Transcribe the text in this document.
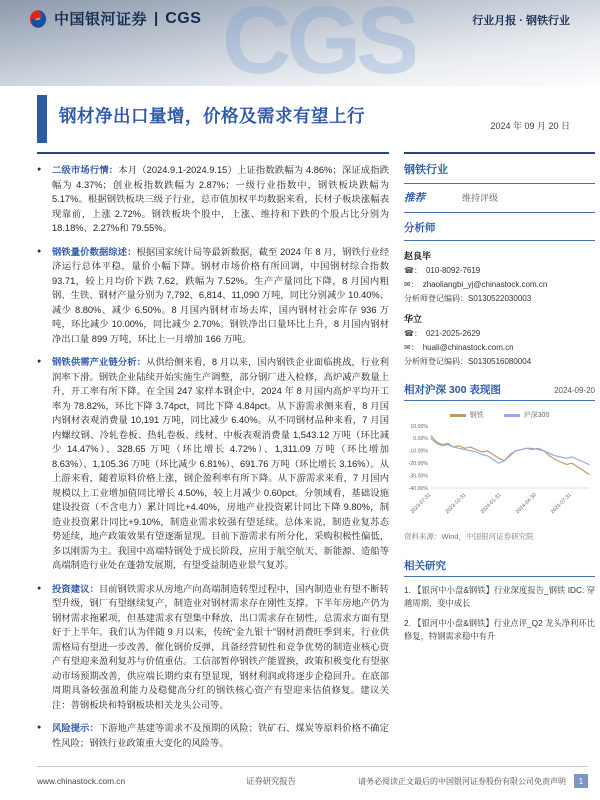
CGS
中国银河证券 | CGS	行业月报 · 钢铁行业
钢材净出口量增，价格及需求有望上行	2024 年 09 月 20 日
●	二级市场行情：本月（2024.9.1-2024.9.15）上证指数跌幅为 4.86%；深证成指跌幅为 4.37%；创业板指数跌幅为 2.87%；一级行业指数中，钢铁板块跌幅为 5.17%。根据钢铁板块三级子行业，总市值加权平均数据来看，长材子板块涨幅表现靠前，上涨 2.72%。钢铁板块个股中，上涨、维持和下跌的个股占比分别为 18.18%、2.27%和 79.55%。
●	钢铁量价数据综述：根据国家统计局等最新数据，截至 2024 年 8 月，钢铁行业经济运行总体平稳，量价小幅下降。钢材市场价格有所回调，中国钢材综合指数 93.71，较上月均价下跌 7.62，跌幅为 7.52%。生产产量同比下降，8 月国内粗钢、生铁、钢材产量分别为 7,792、6,814、11,090 万吨，同比分别减少 10.40%、减少 8.80%、减少 6.50%。8 月国内钢材市场去库，国内钢材社会库存 936 万吨，环比减少 10.00%，同比减少 2.70%。钢铁净出口量环比上升，8 月国内钢材净出口量 899 万吨，环比上一月增加 166 万吨。
●	钢铁供需产业链分析：从供给侧来看，8 月以来，国内钢铁企业面临挑战，行业利润率下滑。钢铁企业陆续开始实施生产调整，部分钢厂进入检修，高炉减产数量上升，开工率有所下降。在全国 247 家样本钢企中，2024 年 8 月国内高炉平均开工率为 78.82%，环比下降 3.74pct，同比下降 4.84pct。从下游需求侧来看，8 月国内钢材表观消费量 10,191 万吨，同比减少 6.40%。从不同钢材品种来看，7 月国内螺纹钢、冷轧卷板、热轧卷板、线材、中板表观消费量 1,543.12 万吨（环比减少 14.47%）、328.65 万吨（环比增长 4.72%）、1,311.09 万吨（环比增加 8.63%）、1,105.36 万吨（环比减少 6.81%）、691.76 万吨（环比增长 3.16%）。从上游来看，随着原料价格上涨，钢企盈利率有所下降。从下游需求来看，7 月国内规模以上工业增加值同比增长 4.50%，较上月减少 0.60pct。分领域看，基础设施建设投资（不含电力）累计同比+4.40%，房地产业投资累计同比下降 9.80%，制造业投资累计同比+9.10%，制造业需求较强有望延续。总体来说，制造业复苏态势延续，地产政策效果有望逐渐显现。目前下游需求有所分化，采购积极性偏低，多以刚需为主。我国中高端特钢处于成长阶段，应用于航空航天、新能源、造船等高端制造行业处在蓬勃发展期，有望受益制造业景气复苏。
●	投资建议：目前钢铁需求从房地产向高端制造转型过程中，国内制造业有望不断转型升级，钢厂有望继续复产，制造业对钢材需求存在刚性支撑。下半年房地产仍为钢材需求拖累项，但基建需求有望集中释放，出口需求存在韧性，总需求方面有望好于上半年。我们认为伴随 9 月以来，传统“金九银十”钢材消费旺季到来，行业供需格局有望进一步改善，催化钢价反弹，具备经营韧性和竞争优势的制造业核心资产有望迎来盈利复苏与价值重估。工信部暂停钢铁产能置换，政策积极变化有望驱动市场预期改善，供应端长期约束有望显现，钢材利润或将逐步企稳回升。在底部周期具备较强盈利能力及稳健高分红的钢铁核心资产有望迎来估值修复。建议关注：普钢板块和特钢板块相关龙头公司等。
●	风险提示：下游地产基建等需求不及预期的风险；铁矿石、煤炭等原料价格不确定性风险；钢铁行业政策重大变化的风险等。
钢铁行业
推荐	维持评级
分析师
赵良毕
☎： 010-8092-7619
✉： zhaoliangbi_yj@chinastock.com.cn
分析师登记编码：S0130522030003
华立
☎： 021-2025-2629
✉： huali@chinastock.com.cn
分析师登记编码：S0130516080004
相对沪深 300 表现图	2024-09-20
钢铁	沪深300
10.00%
0.00%
-10.00%
-20.00%
-30.00%
-40.00%
2023-07-31 2023-10-31 2024-01-31 2024-04-30 2024-07-31
资料来源：Wind，中国银河证券研究院
相关研究
1. 【银河中小盘&钢铁】行业深度报告_钢铁 IDC: 穿越周期，变中成长
2. 【银河中小盘&钢铁】行业点评_Q2 龙头净利环比修复，特钢需求稳中有升
www.chinastock.com.cn	证券研究报告	请务必阅读正文最后的中国银河证券股份有限公司免责声明	1
